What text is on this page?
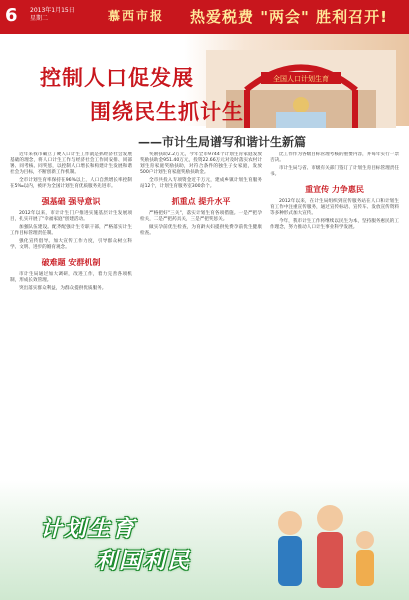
6 2013年1月15日 星期二	慕西市报 热爱税费 "两会" 胜利召开!
全国人口计划生育
控制人口促发展
围绕民生抓计生
——市计生局谱写和谐计生新篇

近年来我市确立了硬人口计生工作就是抓经济社会发展基础的理念，将人口计生工作与经济社会工作同安排、同部署、同考核、同奖惩，以控制人口增长和构建计生发展和谐社会为目标，不断创新工作机制。

全市计划生育率保持在96%以上，人口自然增长率控制在5‰以内，被评为全国计划生育优质服务先进市。

强基础 强导意识

2012年以来，市计计生门户推进实施基层计生发展项目，扎实开展了"幸福家庭"创建活动。

加强队伍建设。配齐配强计生专职干部，严格落实计生工作目标管理责任制。

强化宣传倡导。加大宣传工作力度，引导群众树立科学、文明、进步的婚育观念。

破难题 安群机制

市计生局通过加大调研，改进工作，着力完善各项机制，形成长效管理。

突出落实群众利益，为群众提供优质服务。

奖励扶助2.2万元，今年全市9744个计划生育家庭发放奖励扶助金951.40万元，投资22.66万元对及时落实农村计划生育家庭奖励扶助，对符合条件的独生子女家庭，发放500户计划生育家庭奖励扶助金。

全市共投入专项资金近千万元，建成乡镇计划生育服务站12个，计划生育服务室300余个。

抓重点 提升水平

严格把好"三关"，落实计划生育各项措施。一是严把孕检关，二是严把药具关，三是严把奖惩关。

做实孕前优生检查，为育龄夫妇提供免费孕前优生健康检查。

比工作作为各级目标管理考核的重要内容，并每年实行一票否决。

市计生局与省、市级有关部门签订了计划生育目标管理责任书。

重宣传 力争惠民

2012年以来，在计生局组织到宣传服务站在人口和计划生育工作中注重宣传服务，通过宣传标语、宣传车、发放宣传资料等多种形式加大宣传。

今年，我市计生工作将继续以民生为本，坚持服务惠民的工作理念，努力推动人口计生事业科学发展。

计划生育
利国利民
